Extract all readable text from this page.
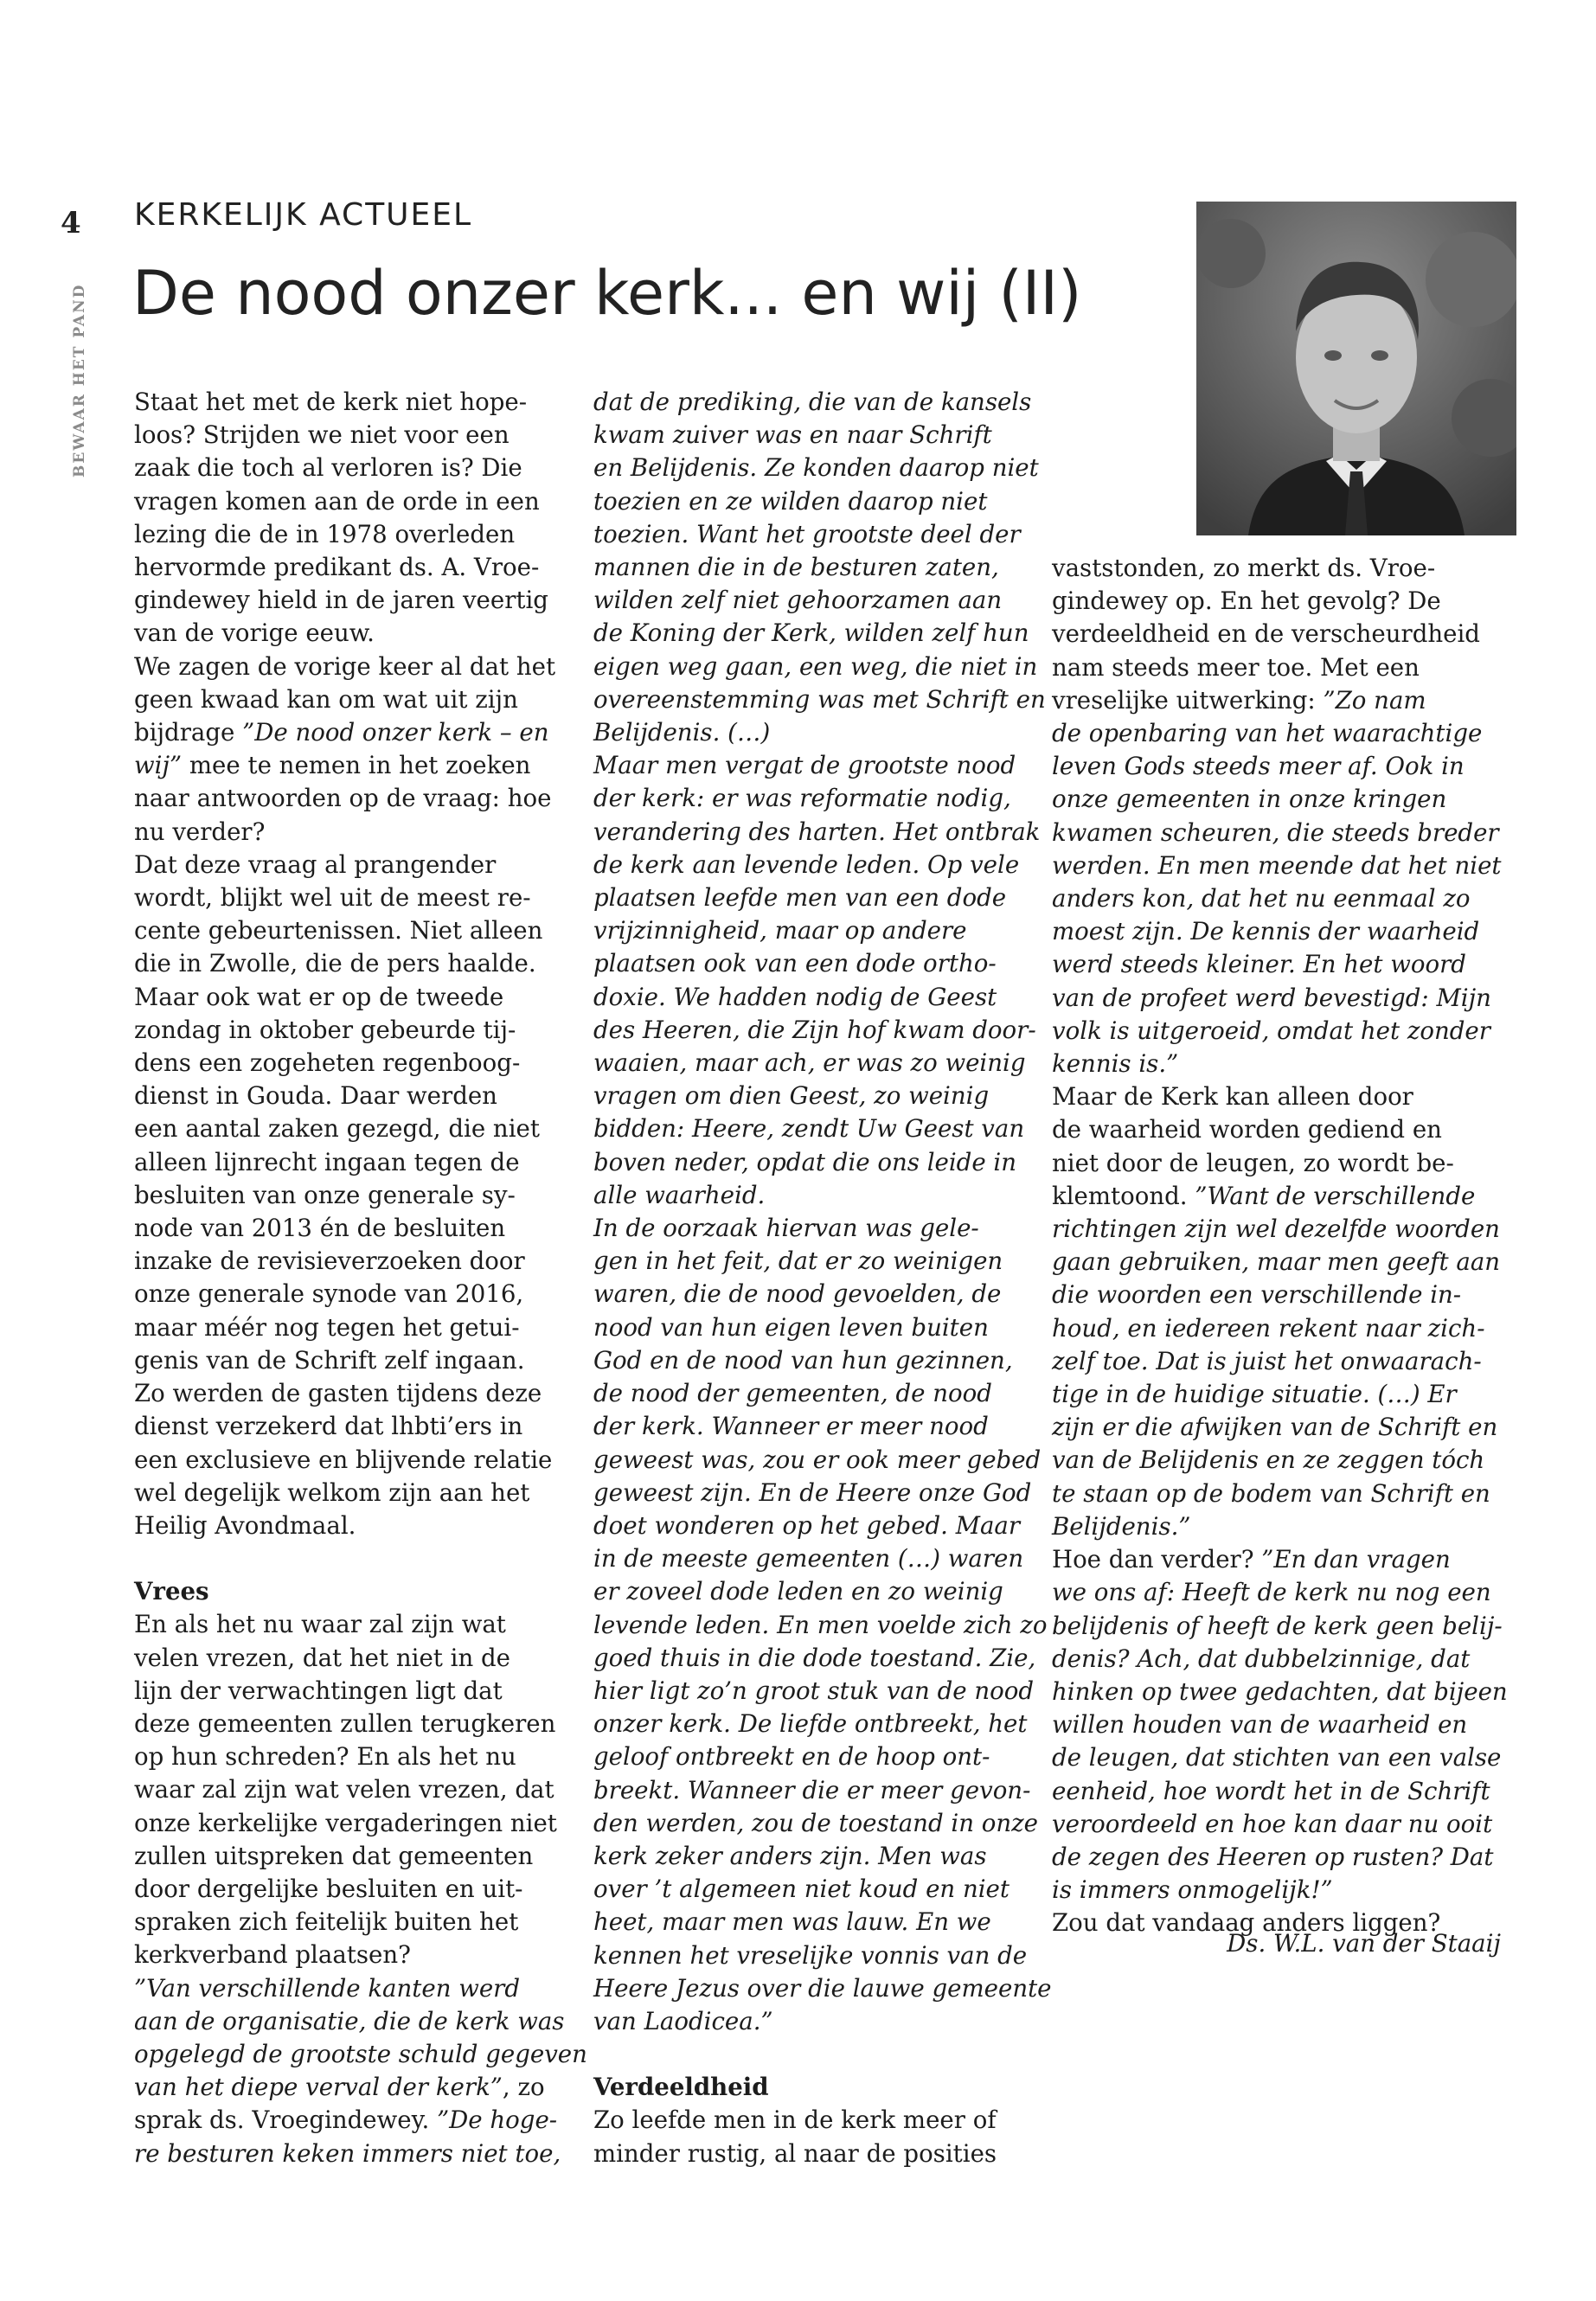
4
BEWAAR HET PAND
KERKELIJK ACTUEEL
De nood onzer kerk... en wij (II)
Staat het met de kerk niet hope-
loos? Strijden we niet voor een
zaak die toch al verloren is? Die
vragen komen aan de orde in een
lezing die de in 1978 overleden
hervormde predikant ds. A. Vroe-
gindewey hield in de jaren veertig
van de vorige eeuw.
We zagen de vorige keer al dat het
geen kwaad kan om wat uit zijn
bijdrage ”De nood onzer kerk – en
wij” mee te nemen in het zoeken
naar antwoorden op de vraag: hoe
nu verder?
Dat deze vraag al prangender
wordt, blijkt wel uit de meest re-
cente gebeurtenissen. Niet alleen
die in Zwolle, die de pers haalde.
Maar ook wat er op de tweede
zondag in oktober gebeurde tij-
dens een zogeheten regenboog-
dienst in Gouda. Daar werden
een aantal zaken gezegd, die niet
alleen lijnrecht ingaan tegen de
besluiten van onze generale sy-
node van 2013 én de besluiten
inzake de revisieverzoeken door
onze generale synode van 2016,
maar méér nog tegen het getui-
genis van de Schrift zelf ingaan.
Zo werden de gasten tijdens deze
dienst verzekerd dat lhbti’ers in
een exclusieve en blijvende relatie
wel degelijk welkom zijn aan het
Heilig Avondmaal.
Vrees
En als het nu waar zal zijn wat
velen vrezen, dat het niet in de
lijn der verwachtingen ligt dat
deze gemeenten zullen terugkeren
op hun schreden? En als het nu
waar zal zijn wat velen vrezen, dat
onze kerkelijke vergaderingen niet
zullen uitspreken dat gemeenten
door dergelijke besluiten en uit-
spraken zich feitelijk buiten het
kerkverband plaatsen?
”Van verschillende kanten werd
aan de organisatie, die de kerk was
opgelegd de grootste schuld gegeven
van het diepe verval der kerk”, zo
sprak ds. Vroegindewey. ”De hoge-
re besturen keken immers niet toe,
dat de prediking, die van de kansels
kwam zuiver was en naar Schrift
en Belijdenis. Ze konden daarop niet
toezien en ze wilden daarop niet
toezien. Want het grootste deel der
mannen die in de besturen zaten,
wilden zelf niet gehoorzamen aan
de Koning der Kerk, wilden zelf hun
eigen weg gaan, een weg, die niet in
overeenstemming was met Schrift en
Belijdenis. (…)
Maar men vergat de grootste nood
der kerk: er was reformatie nodig,
verandering des harten. Het ontbrak
de kerk aan levende leden. Op vele
plaatsen leefde men van een dode
vrijzinnigheid, maar op andere
plaatsen ook van een dode ortho-
doxie. We hadden nodig de Geest
des Heeren, die Zijn hof kwam door-
waaien, maar ach, er was zo weinig
vragen om dien Geest, zo weinig
bidden: Heere, zendt Uw Geest van
boven neder, opdat die ons leide in
alle waarheid.
In de oorzaak hiervan was gele-
gen in het feit, dat er zo weinigen
waren, die de nood gevoelden, de
nood van hun eigen leven buiten
God en de nood van hun gezinnen,
de nood der gemeenten, de nood
der kerk. Wanneer er meer nood
geweest was, zou er ook meer gebed
geweest zijn. En de Heere onze God
doet wonderen op het gebed. Maar
in de meeste gemeenten (…) waren
er zoveel dode leden en zo weinig
levende leden. En men voelde zich zo
goed thuis in die dode toestand. Zie,
hier ligt zo’n groot stuk van de nood
onzer kerk. De liefde ontbreekt, het
geloof ontbreekt en de hoop ont-
breekt. Wanneer die er meer gevon-
den werden, zou de toestand in onze
kerk zeker anders zijn. Men was
over ’t algemeen niet koud en niet
heet, maar men was lauw. En we
kennen het vreselijke vonnis van de
Heere Jezus over die lauwe gemeente
van Laodicea.”
Verdeeldheid
Zo leefde men in de kerk meer of
minder rustig, al naar de posities
vaststonden, zo merkt ds. Vroe-
gindewey op. En het gevolg? De
verdeeldheid en de verscheurdheid
nam steeds meer toe. Met een
vreselijke uitwerking: ”Zo nam
de openbaring van het waarachtige
leven Gods steeds meer af. Ook in
onze gemeenten in onze kringen
kwamen scheuren, die steeds breder
werden. En men meende dat het niet
anders kon, dat het nu eenmaal zo
moest zijn. De kennis der waarheid
werd steeds kleiner. En het woord
van de profeet werd bevestigd: Mijn
volk is uitgeroeid, omdat het zonder
kennis is.”
Maar de Kerk kan alleen door
de waarheid worden gediend en
niet door de leugen, zo wordt be-
klemtoond. ”Want de verschillende
richtingen zijn wel dezelfde woorden
gaan gebruiken, maar men geeft aan
die woorden een verschillende in-
houd, en iedereen rekent naar zich-
zelf toe. Dat is juist het onwaarach-
tige in de huidige situatie. (…) Er
zijn er die afwijken van de Schrift en
van de Belijdenis en ze zeggen tóch
te staan op de bodem van Schrift en
Belijdenis.”
Hoe dan verder? ”En dan vragen
we ons af: Heeft de kerk nu nog een
belijdenis of heeft de kerk geen belij-
denis? Ach, dat dubbelzinnige, dat
hinken op twee gedachten, dat bijeen
willen houden van de waarheid en
de leugen, dat stichten van een valse
eenheid, hoe wordt het in de Schrift
veroordeeld en hoe kan daar nu ooit
de zegen des Heeren op rusten? Dat
is immers onmogelijk!”
Zou dat vandaag anders liggen?
Ds. W.L. van der Staaij
